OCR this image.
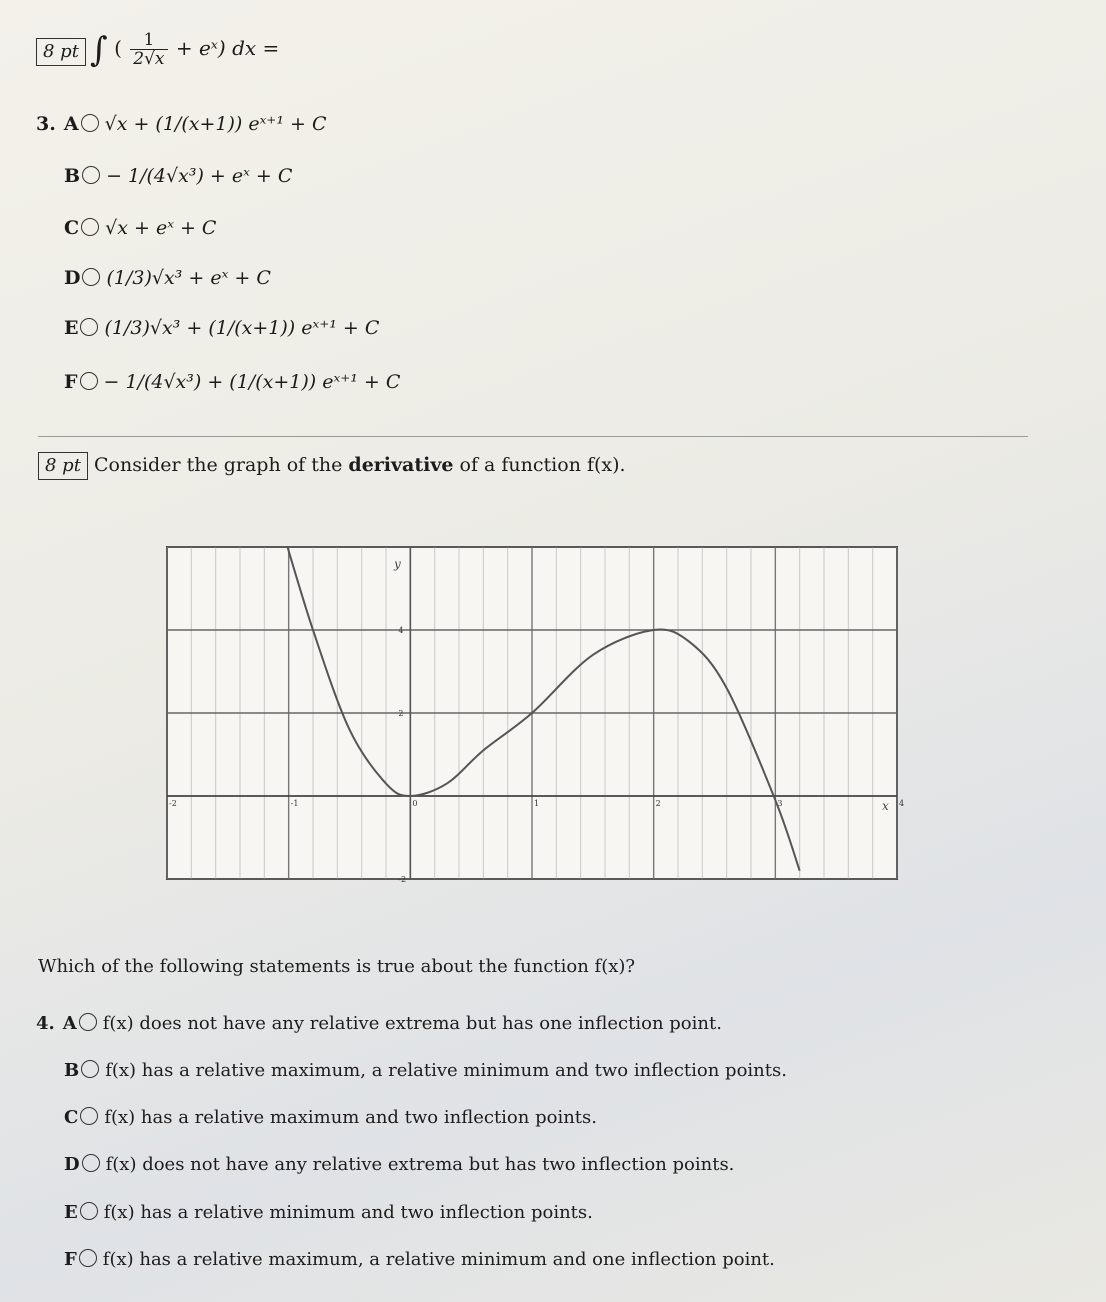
8 pt ∫ ( $\frac{1}{2√x}$ + eˣ) dx =
3. A √x + (1/(x+1)) eˣ⁺¹ + C
B − 1/(4√x³) + eˣ + C
C √x + eˣ + C
D (1/3)√x³ + eˣ + C
E (1/3)√x³ + (1/(x+1)) eˣ⁺¹ + C
F − 1/(4√x³) + (1/(x+1)) eˣ⁺¹ + C
8 pt Consider the graph of the derivative of a function f(x).
y
x
-2	-1	0	1	2	3	4
-2
2
4
Which of the following statements is true about the function f(x)?
4. A f(x) does not have any relative extrema but has one inflection point.
B f(x) has a relative maximum, a relative minimum and two inflection points.
C f(x) has a relative maximum and two inflection points.
D f(x) does not have any relative extrema but has two inflection points.
E f(x) has a relative minimum and two inflection points.
F f(x) has a relative maximum, a relative minimum and one inflection point.
